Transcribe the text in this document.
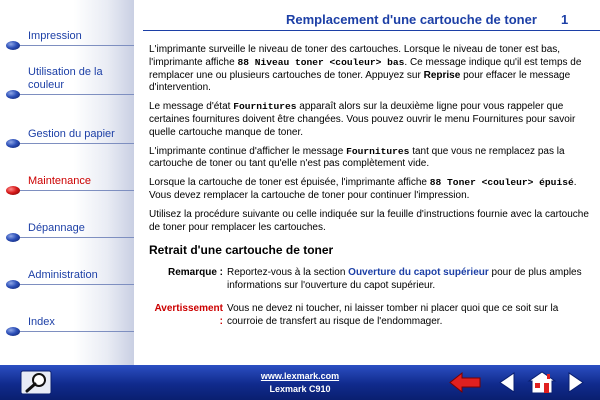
Impression
Utilisation de la couleur
Gestion du papier
Maintenance
Dépannage
Administration
Index
Remplacement d'une cartouche de toner 1

L'imprimante surveille le niveau de toner des cartouches. Lorsque le niveau de toner est bas, l'imprimante affiche 88 Niveau toner <couleur> bas. Ce message indique qu'il est temps de remplacer une ou plusieurs cartouches de toner. Appuyez sur Reprise pour effacer le message d'intervention.

Le message d'état Fournitures apparaît alors sur la deuxième ligne pour vous rappeler que certaines fournitures doivent être changées. Vous pouvez ouvrir le menu Fournitures pour savoir quelle cartouche manque de toner.

L'imprimante continue d'afficher le message Fournitures tant que vous ne remplacez pas la cartouche de toner ou tant qu'elle n'est pas complètement vide.

Lorsque la cartouche de toner est épuisée, l'imprimante affiche 88 Toner <couleur> épuisé. Vous devez remplacer la cartouche de toner pour continuer l'impression.

Utilisez la procédure suivante ou celle indiquée sur la feuille d'instructions fournie avec la cartouche de toner pour remplacer les cartouches.

Retrait d'une cartouche de toner
Remarque : Reportez-vous à la section Ouverture du capot supérieur pour de plus amples informations sur l'ouverture du capot supérieur.
Avertissement :
Vous ne devez ni toucher, ni laisser tomber ni placer quoi que ce soit sur la courroie de transfert au risque de l'endommager.
www.lexmark.com
Lexmark C910
